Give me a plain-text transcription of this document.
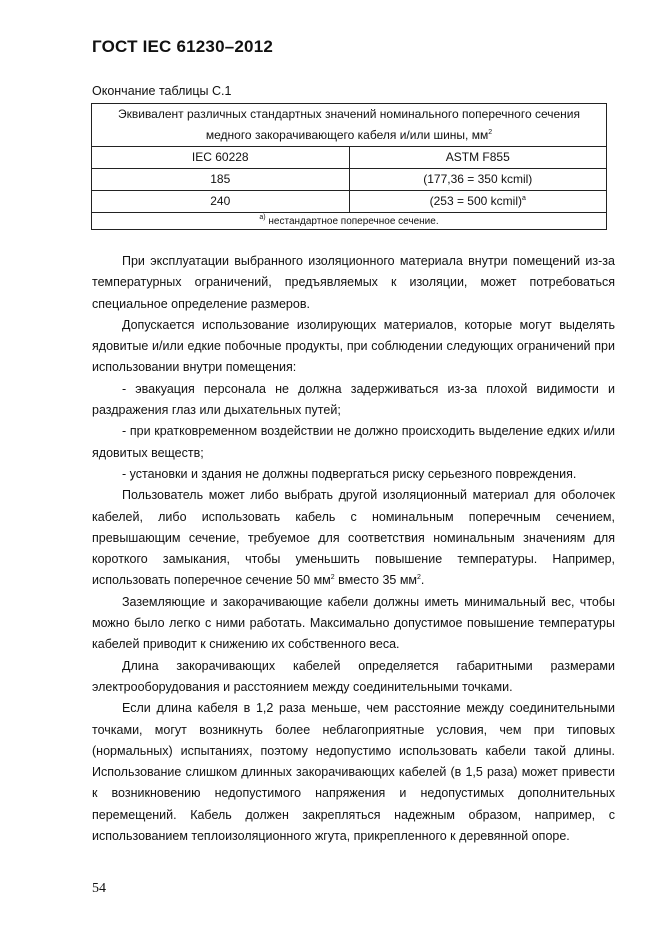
ГОСТ IEC 61230–2012
Окончание таблицы С.1
Эквивалент различных стандартных значений номинального поперечного сечения
медного закорачивающего кабеля и/или шины, $мм^2$
IEC 60228	ASTM F855
185	(177,36 = 350 kcmil)
240	(253 = 500 kcmil)$^a$
$^{a)}$ нестандартное поперечное сечение.	

При эксплуатации выбранного изоляционного материала внутри помещений из-за температурных ограничений, предъявляемых к изоляции, может потребоваться специальное определение размеров.

Допускается использование изолирующих материалов, которые могут выделять ядовитые и/или едкие побочные продукты, при соблюдении следующих ограничений при использовании внутри помещения:

- эвакуация персонала не должна задерживаться из-за плохой видимости и раздражения глаз или дыхательных путей;

- при кратковременном воздействии не должно происходить выделение едких и/или ядовитых веществ;

- установки и здания не должны подвергаться риску серьезного повреждения.

Пользователь может либо выбрать другой изоляционный материал для оболочек кабелей, либо использовать кабель с номинальным поперечным сечением, превышающим сечение, требуемое для соответствия номинальным значениям для короткого замыкания, чтобы уменьшить повышение температуры. Например, использовать поперечное сечение 50 $мм^2$ вместо 35 $мм^2$.

Заземляющие и закорачивающие кабели должны иметь минимальный вес, чтобы можно было легко с ними работать. Максимально допустимое повышение температуры кабелей приводит к снижению их собственного веса.

Длина закорачивающих кабелей определяется габаритными размерами электрооборудования и расстоянием между соединительными точками.

Если длина кабеля в 1,2 раза меньше, чем расстояние между соединительными точками, могут возникнуть более неблагоприятные условия, чем при типовых (нормальных) испытаниях, поэтому недопустимо использовать кабели такой длины. Использование слишком длинных закорачивающих кабелей (в 1,5 раза) может привести к возникновению недопустимого напряжения и недопустимых дополнительных перемещений. Кабель должен закрепляться надежным образом, например, с использованием теплоизоляционного жгута, прикрепленного к деревянной опоре.

54
